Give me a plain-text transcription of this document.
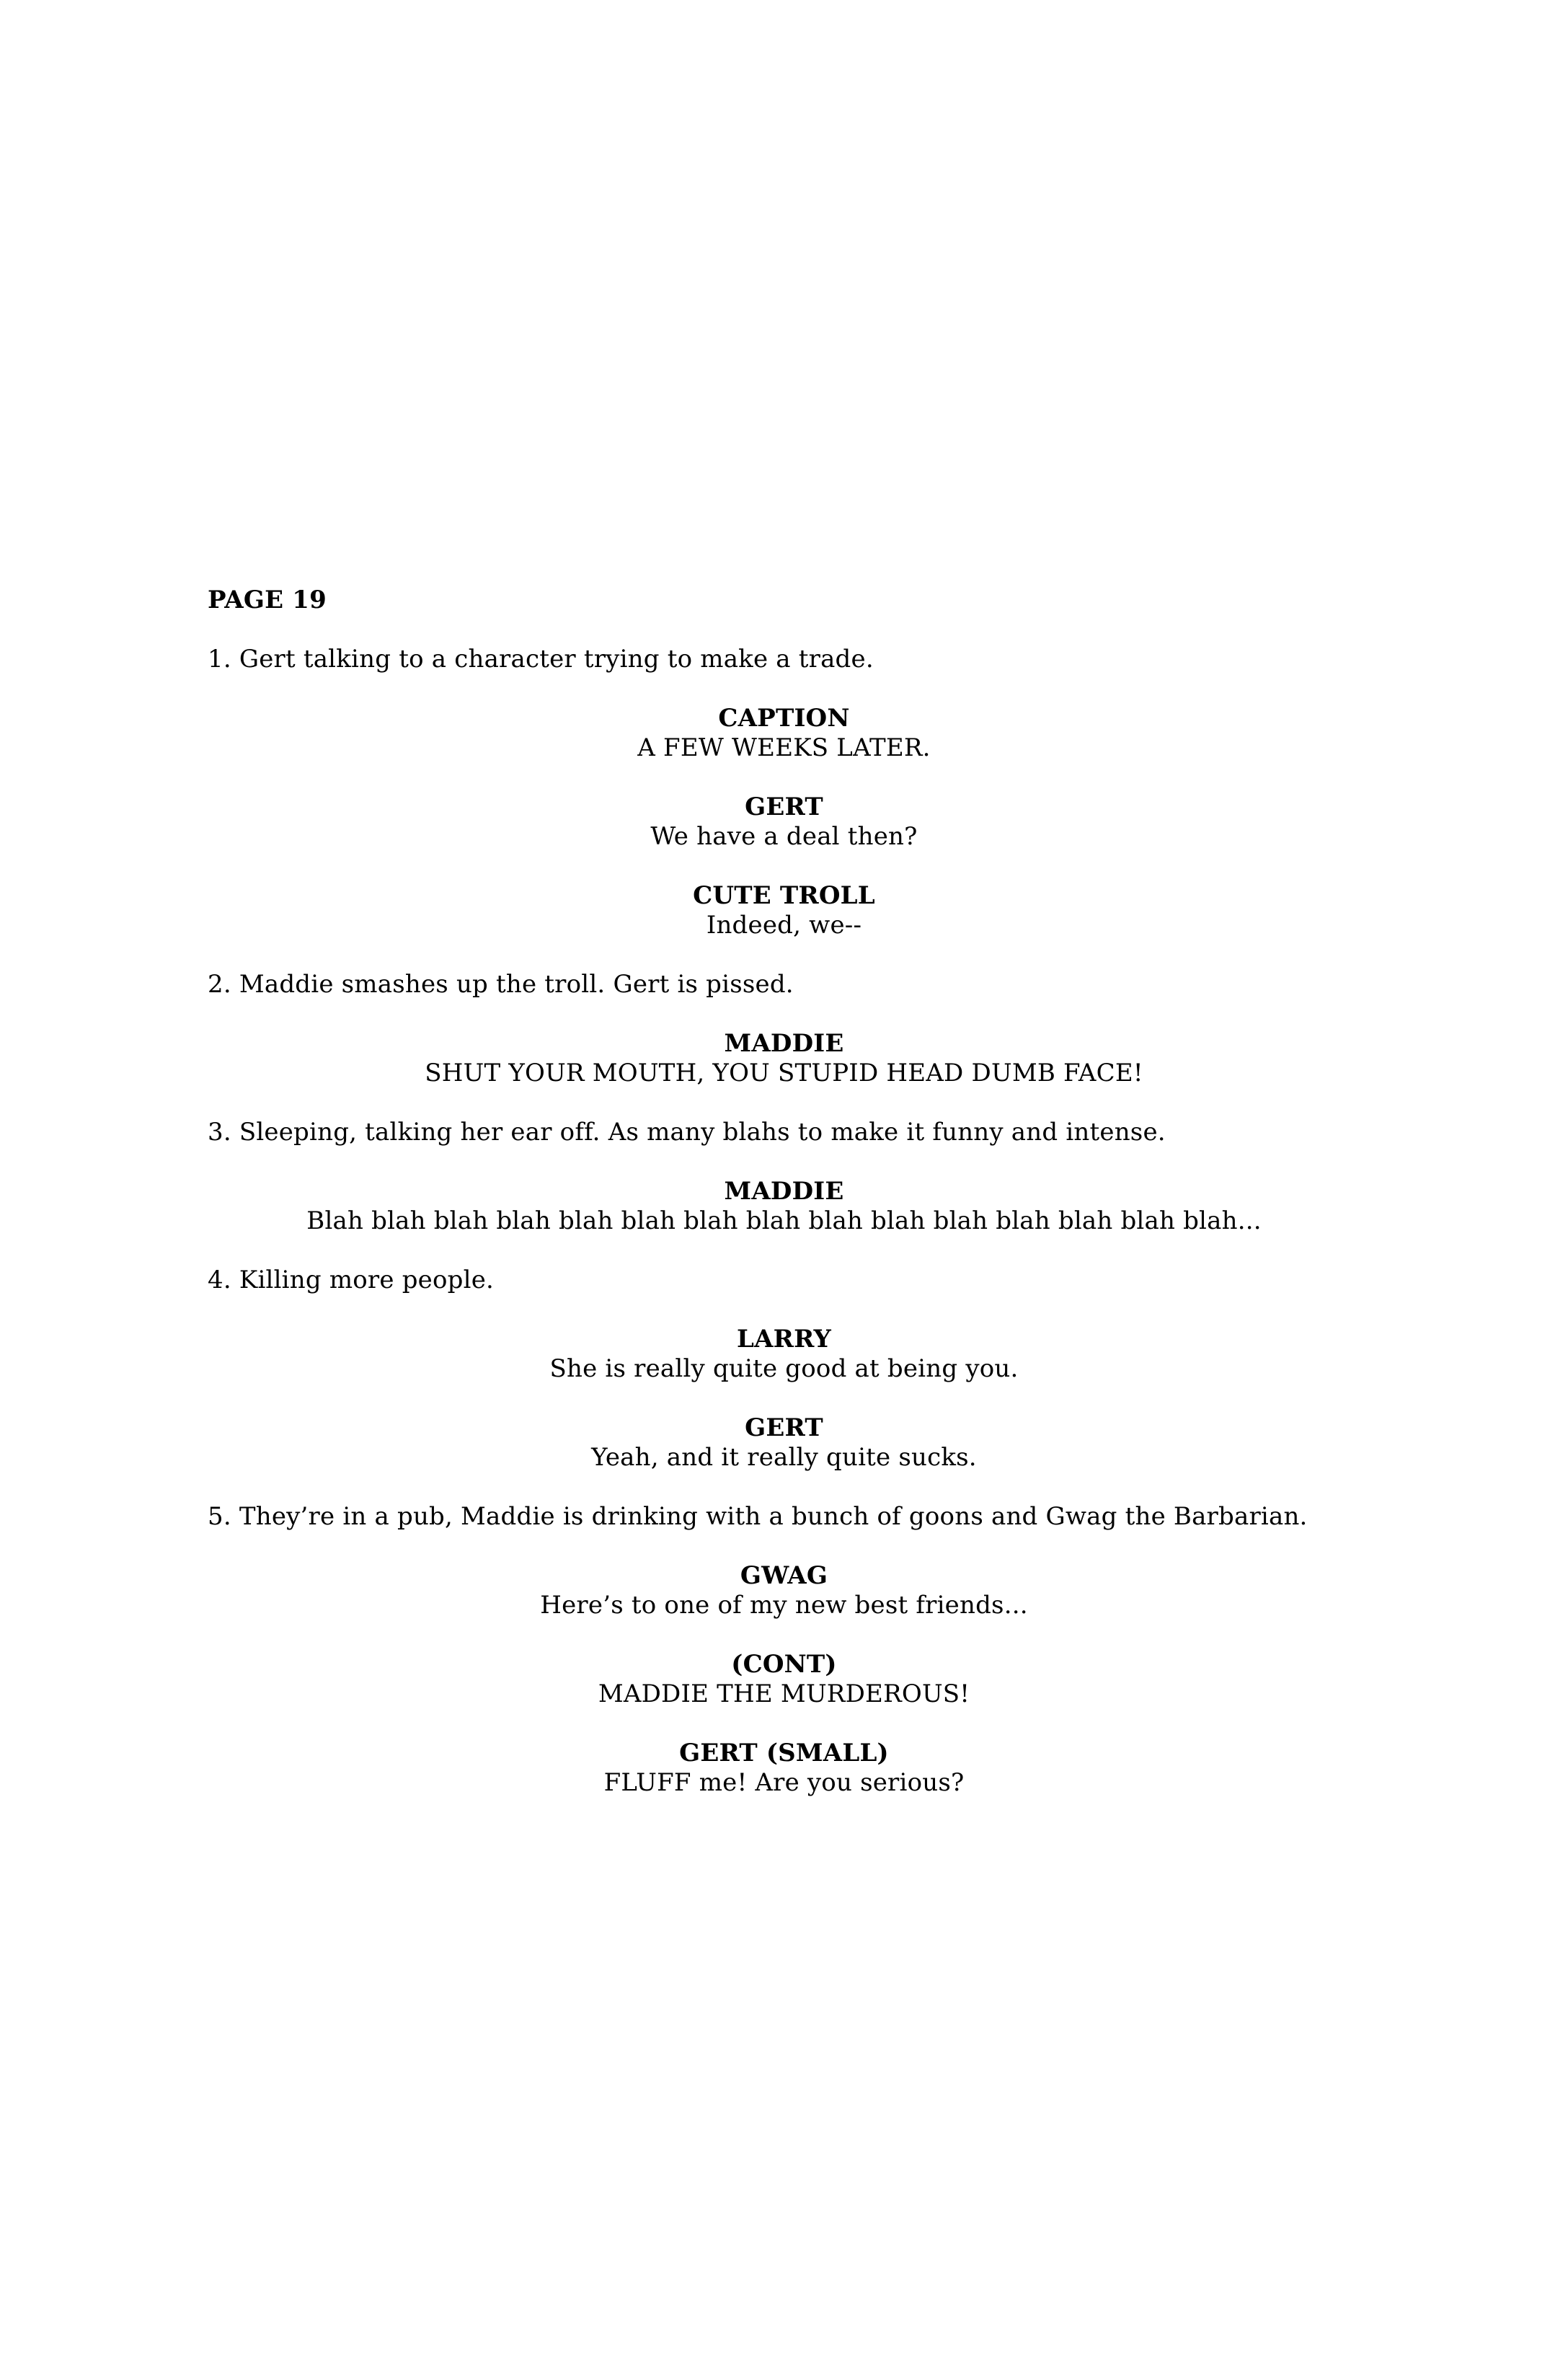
PAGE 19

1. Gert talking to a character trying to make a trade.

CAPTION

A FEW WEEKS LATER.

GERT

We have a deal then?

CUTE TROLL

Indeed, we--

2. Maddie smashes up the troll. Gert is pissed.

MADDIE

SHUT YOUR MOUTH, YOU STUPID HEAD DUMB FACE!

3. Sleeping, talking her ear off. As many blahs to make it funny and intense.

MADDIE

Blah blah blah blah blah blah blah blah blah blah blah blah blah blah blah...

4. Killing more people.

LARRY

She is really quite good at being you.

GERT

Yeah, and it really quite sucks.

5. They’re in a pub, Maddie is drinking with a bunch of goons and Gwag the Barbarian.

GWAG

Here’s to one of my new best friends...

(CONT)

MADDIE THE MURDEROUS!

GERT (SMALL)

FLUFF me! Are you serious?
